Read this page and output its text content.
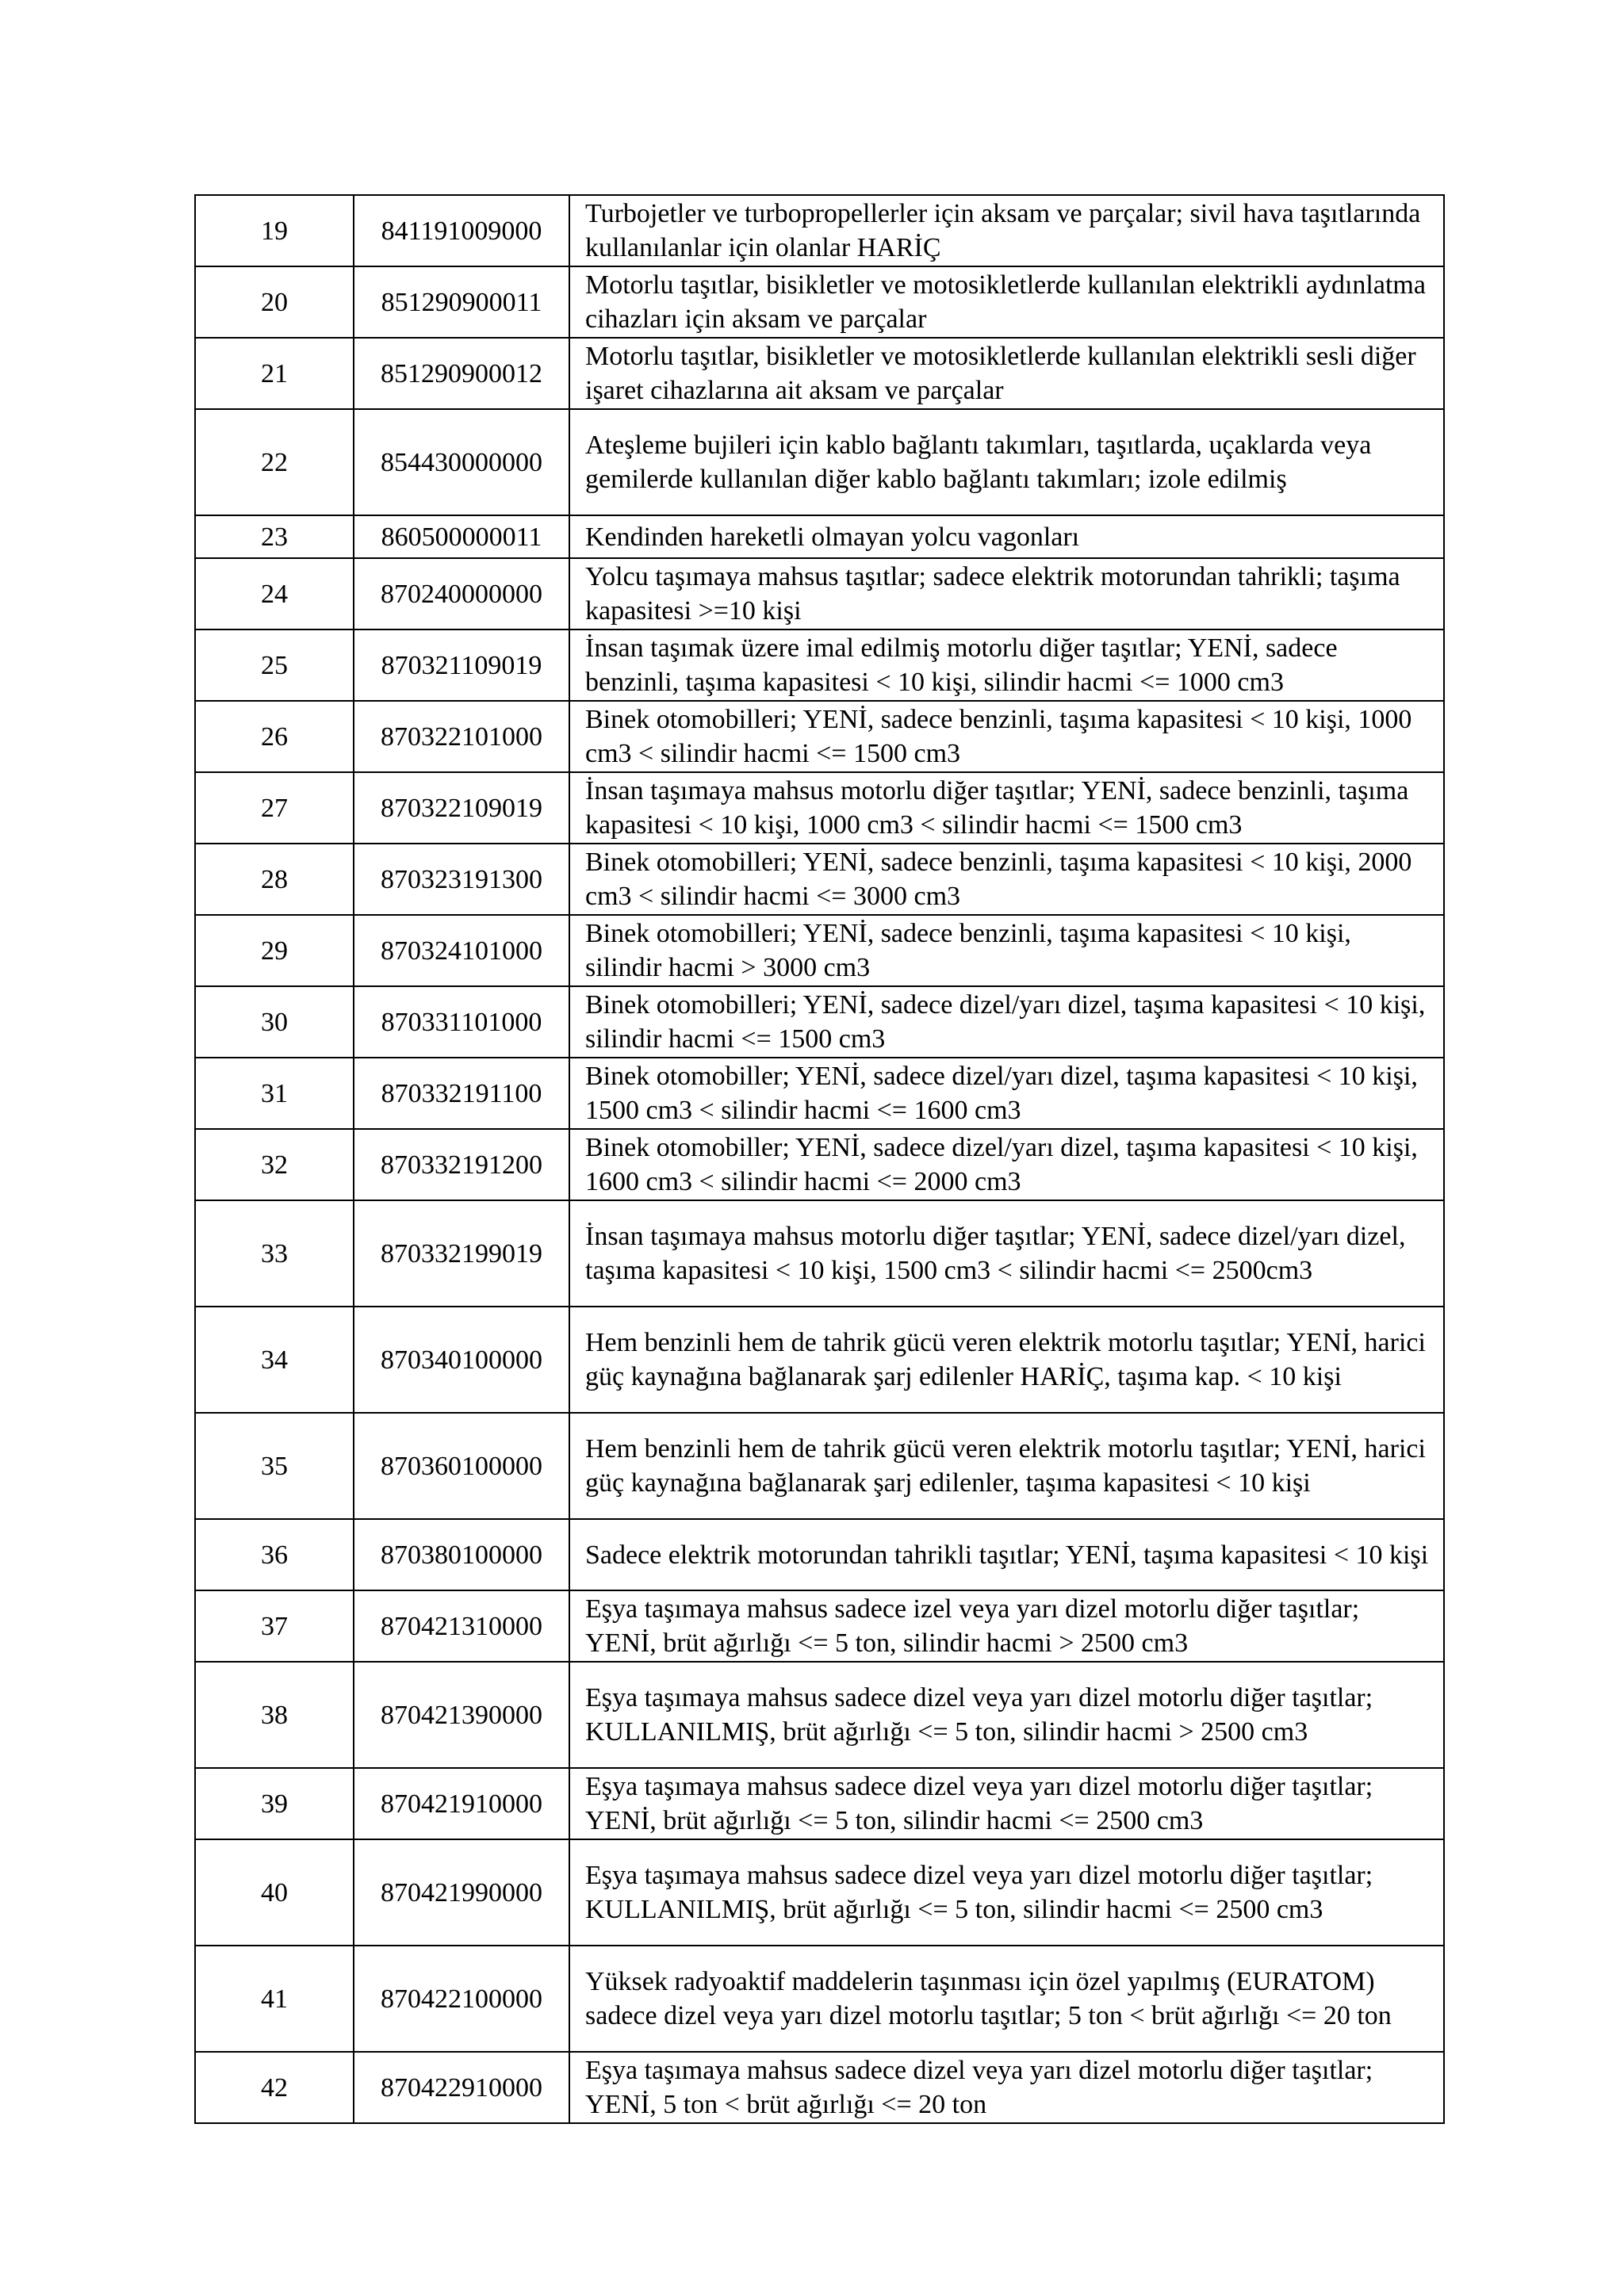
19	841191009000	Turbojetler ve turbopropellerler için aksam ve parçalar; sivil hava taşıtlarında kullanılanlar için olanlar HARİÇ
20	851290900011	Motorlu taşıtlar, bisikletler ve motosikletlerde kullanılan elektrikli aydınlatma cihazları için aksam ve parçalar
21	851290900012	Motorlu taşıtlar, bisikletler ve motosikletlerde kullanılan elektrikli sesli diğer işaret cihazlarına ait aksam ve parçalar
22	854430000000	Ateşleme bujileri için kablo bağlantı takımları, taşıtlarda, uçaklarda veya gemilerde kullanılan diğer kablo bağlantı takımları; izole edilmiş
23	860500000011	Kendinden hareketli olmayan yolcu vagonları
24	870240000000	Yolcu taşımaya mahsus taşıtlar; sadece elektrik motorundan tahrikli; taşıma kapasitesi >=10 kişi
25	870321109019	İnsan taşımak üzere imal edilmiş motorlu diğer taşıtlar; YENİ, sadece benzinli, taşıma kapasitesi < 10 kişi, silindir hacmi <= 1000 cm3
26	870322101000	Binek otomobilleri; YENİ, sadece benzinli, taşıma kapasitesi < 10 kişi, 1000 cm3 < silindir hacmi <= 1500 cm3
27	870322109019	İnsan taşımaya mahsus motorlu diğer taşıtlar; YENİ, sadece benzinli, taşıma kapasitesi < 10 kişi, 1000 cm3 < silindir hacmi <= 1500 cm3
28	870323191300	Binek otomobilleri; YENİ, sadece benzinli, taşıma kapasitesi < 10 kişi, 2000 cm3 < silindir hacmi <= 3000 cm3
29	870324101000	Binek otomobilleri; YENİ, sadece benzinli, taşıma kapasitesi < 10 kişi, silindir hacmi > 3000 cm3
30	870331101000	Binek otomobilleri; YENİ, sadece dizel/yarı dizel, taşıma kapasitesi < 10 kişi, silindir hacmi <= 1500 cm3
31	870332191100	Binek otomobiller; YENİ, sadece dizel/yarı dizel, taşıma kapasitesi < 10 kişi, 1500 cm3 < silindir hacmi <= 1600 cm3
32	870332191200	Binek otomobiller; YENİ, sadece dizel/yarı dizel, taşıma kapasitesi < 10 kişi, 1600 cm3 < silindir hacmi <= 2000 cm3
33	870332199019	İnsan taşımaya mahsus motorlu diğer taşıtlar; YENİ, sadece dizel/yarı dizel, taşıma kapasitesi < 10 kişi, 1500 cm3 < silindir hacmi <= 2500cm3
34	870340100000	Hem benzinli hem de tahrik gücü veren elektrik motorlu taşıtlar; YENİ, harici güç kaynağına bağlanarak şarj edilenler HARİÇ, taşıma kap. < 10 kişi
35	870360100000	Hem benzinli hem de tahrik gücü veren elektrik motorlu taşıtlar; YENİ, harici güç kaynağına bağlanarak şarj edilenler, taşıma kapasitesi < 10 kişi
36	870380100000	Sadece elektrik motorundan tahrikli taşıtlar; YENİ, taşıma kapasitesi < 10 kişi
37	870421310000	Eşya taşımaya mahsus sadece izel veya yarı dizel motorlu diğer taşıtlar; YENİ, brüt ağırlığı <= 5 ton, silindir hacmi > 2500 cm3
38	870421390000	Eşya taşımaya mahsus sadece dizel veya yarı dizel motorlu diğer taşıtlar; KULLANILMIŞ, brüt ağırlığı <= 5 ton, silindir hacmi > 2500 cm3
39	870421910000	Eşya taşımaya mahsus sadece dizel veya yarı dizel motorlu diğer taşıtlar; YENİ, brüt ağırlığı <= 5 ton, silindir hacmi <= 2500 cm3
40	870421990000	Eşya taşımaya mahsus sadece dizel veya yarı dizel motorlu diğer taşıtlar; KULLANILMIŞ, brüt ağırlığı <= 5 ton, silindir hacmi <= 2500 cm3
41	870422100000	Yüksek radyoaktif maddelerin taşınması için özel yapılmış (EURATOM) sadece dizel veya yarı dizel motorlu taşıtlar; 5 ton < brüt ağırlığı <= 20 ton
42	870422910000	Eşya taşımaya mahsus sadece dizel veya yarı dizel motorlu diğer taşıtlar; YENİ, 5 ton < brüt ağırlığı <= 20 ton
